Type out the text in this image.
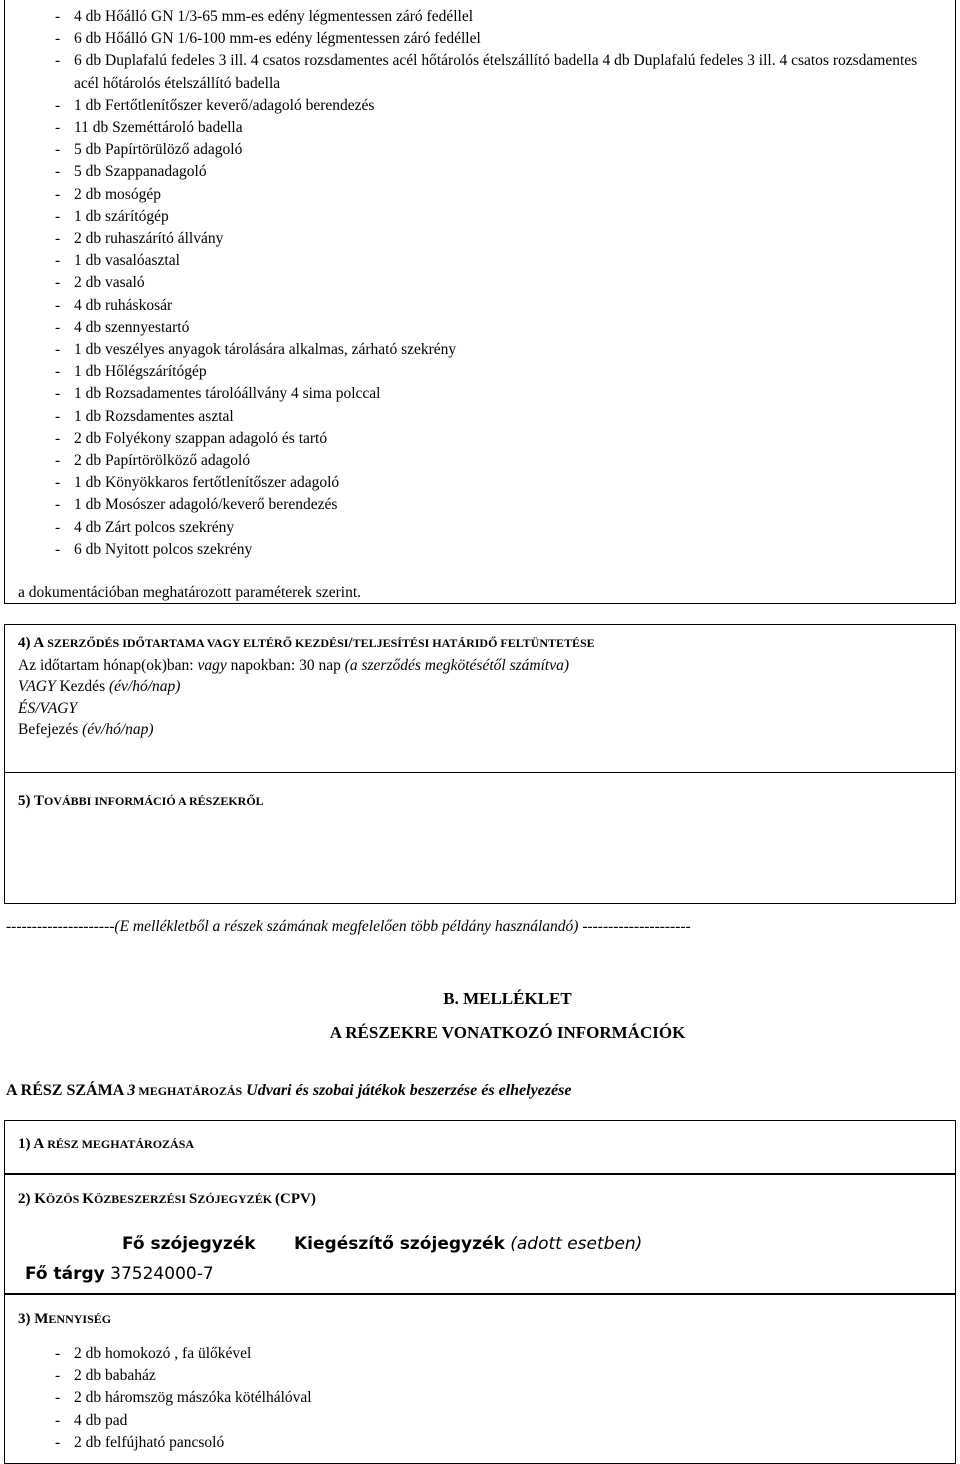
- 4 db Hőálló GN 1/3-65 mm-es edény légmentessen záró fedéllel
- 6 db Hőálló GN 1/6-100 mm-es edény légmentessen záró fedéllel
- 6 db Duplafalú fedeles 3 ill. 4 csatos rozsdamentes acél hőtárolós ételszállító badella 4 db Duplafalú fedeles 3 ill. 4 csatos rozsdamentes acél hőtárolós ételszállító badella
- 1 db Fertőtlenítőszer keverő/adagoló berendezés
- 11 db Szeméttároló badella
- 5 db Papírtörülöző adagoló
- 5 db Szappanadagoló
- 2 db mosógép
- 1 db szárítógép
- 2 db ruhaszárító állvány
- 1 db vasalóasztal
- 2 db vasaló
- 4 db ruháskosár
- 4 db szennyestartó
- 1 db veszélyes anyagok tárolására alkalmas, zárható szekrény
- 1 db Hőlégszárítógép
- 1 db Rozsadamentes tárolóállvány 4 sima polccal
- 1 db Rozsdamentes asztal
- 2 db Folyékony szappan adagoló és tartó
- 2 db Papírtörölköző adagoló
- 1 db Könyökkaros fertőtlenítőszer adagoló
- 1 db Mosószer adagoló/keverő berendezés
- 4 db Zárt polcos szekrény
- 6 db Nyitott polcos szekrény
a dokumentációban meghatározott paraméterek szerint.
4) A SZERZŐDÉS IDŐTARTAMA VAGY ELTÉRŐ KEZDÉSI/TELJESÍTÉSI HATÁRIDŐ FELTÜNTETÉSE
Az időtartam hónap(ok)ban: vagy napokban: 30 nap (a szerződés megkötésétől számítva)
VAGY Kezdés (év/hó/nap)
ÉS/VAGY
Befejezés (év/hó/nap)
5) TOVÁBBI INFORMÁCIÓ A RÉSZEKRŐL
---------------------(E mellékletből a részek számának megfelelően több példány használandó) ---------------------
B. MELLÉKLET
A RÉSZEKRE VONATKOZÓ INFORMÁCIÓK
A RÉSZ SZÁMA 3 MEGHATÁROZÁS Udvari és szobai játékok beszerzése és elhelyezése
1) A RÉSZ MEGHATÁROZÁSA
2) KÖZÖS KÖZBESZERZÉSI SZÓJEGYZÉK (CPV)
Fő szójegyzék Kiegészítő szójegyzék (adott esetben)
Fő tárgy 37524000-7
3) MENNYISÉG
- 2 db homokozó , fa ülőkével
- 2 db babaház
- 2 db háromszög mászóka kötélhálóval
- 4 db pad
- 2 db felfújható pancsoló
